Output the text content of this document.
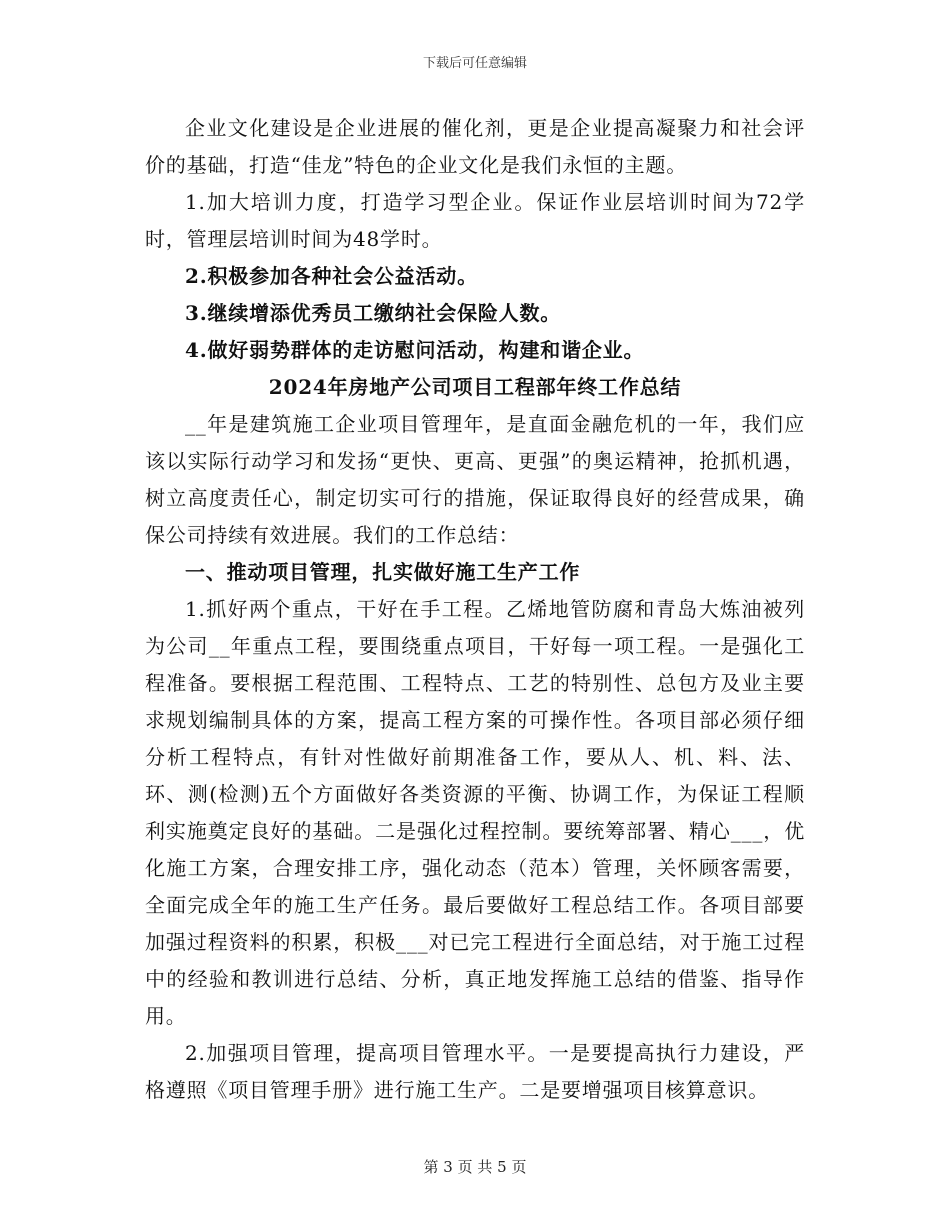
下载后可任意编辑

企业文化建设是企业进展的催化剂，更是企业提高凝聚力和社会评价的基础，打造“佳龙”特色的企业文化是我们永恒的主题。

1.加大培训力度，打造学习型企业。保证作业层培训时间为72学时，管理层培训时间为48学时。

2.积极参加各种社会公益活动。

3.继续增添优秀员工缴纳社会保险人数。

4.做好弱势群体的走访慰问活动，构建和谐企业。

2024年房地产公司项目工程部年终工作总结

__年是建筑施工企业项目管理年，是直面金融危机的一年，我们应该以实际行动学习和发扬“更快、更高、更强”的奥运精神，抢抓机遇，树立高度责任心，制定切实可行的措施，保证取得良好的经营成果，确保公司持续有效进展。我们的工作总结：

一、推动项目管理，扎实做好施工生产工作

1.抓好两个重点，干好在手工程。乙烯地管防腐和青岛大炼油被列为公司__年重点工程，要围绕重点项目，干好每一项工程。一是强化工程准备。要根据工程范围、工程特点、工艺的特别性、总包方及业主要求规划编制具体的方案，提高工程方案的可操作性。各项目部必须仔细分析工程特点，有针对性做好前期准备工作，要从人、机、料、法、环、测(检测)五个方面做好各类资源的平衡、协调工作，为保证工程顺利实施奠定良好的基础。二是强化过程控制。要统筹部署、精心___，优化施工方案，合理安排工序，强化动态（范本）管理，关怀顾客需要，全面完成全年的施工生产任务。最后要做好工程总结工作。各项目部要加强过程资料的积累，积极___对已完工程进行全面总结，对于施工过程中的经验和教训进行总结、分析，真正地发挥施工总结的借鉴、指导作用。

2.加强项目管理，提高项目管理水平。一是要提高执行力建设，严格遵照《项目管理手册》进行施工生产。二是要增强项目核算意识。

第 3 页 共 5 页
